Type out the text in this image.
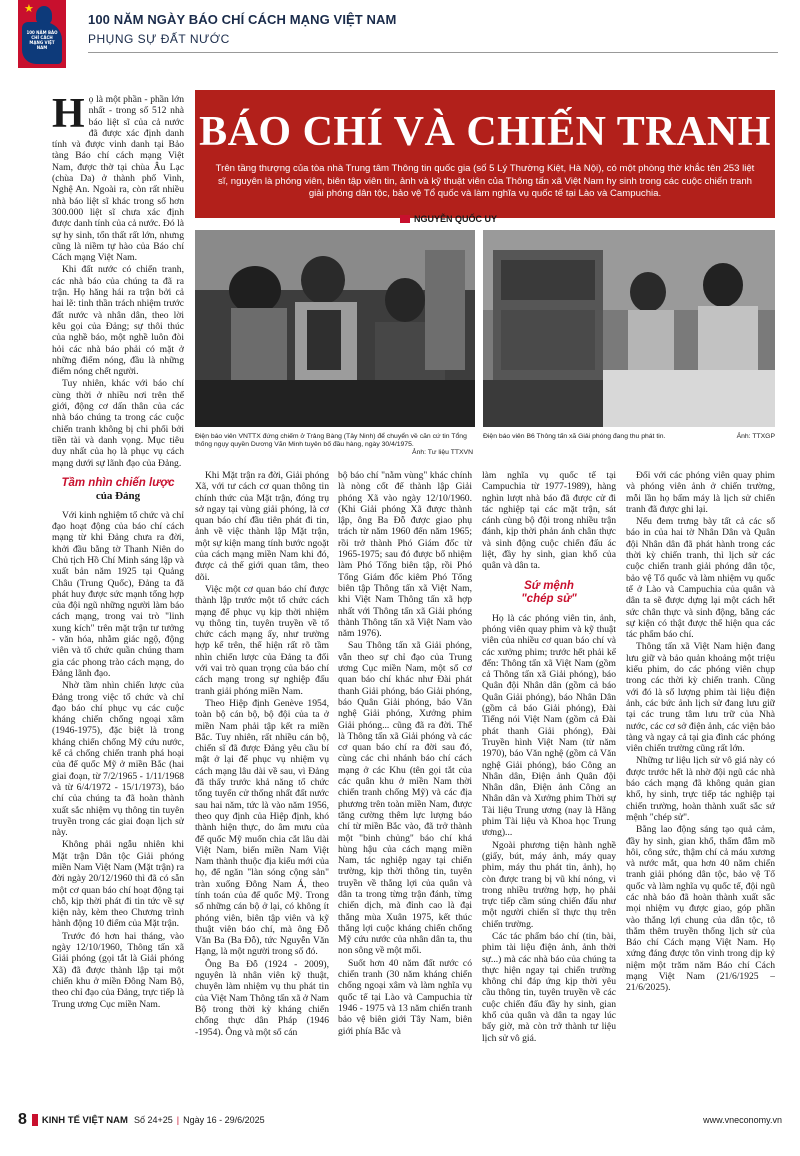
★
100 NĂM BÁO CHÍ CÁCH MẠNG VIỆT NAM
100 NĂM NGÀY BÁO CHÍ CÁCH MẠNG VIỆT NAM
PHỤNG SỰ ĐẤT NƯỚC
H ọ là một phần - phần lớn nhất - trong số 512 nhà báo liệt sĩ của cả nước đã được xác định danh tính và được vinh danh tại Bảo tàng Báo chí cách mạng Việt Nam, được thờ tại chùa Âu Lạc (chùa Da) ở thành phố Vinh, Nghệ An. Ngoài ra, còn rất nhiều nhà báo liệt sĩ khác trong số hơn 300.000 liệt sĩ chưa xác định được danh tính của cả nước. Đó là sự hy sinh, tổn thất rất lớn, nhưng cũng là niềm tự hào của Báo chí Cách mạng Việt Nam.

Khi đất nước có chiến tranh, các nhà báo của chúng ta đã ra trận. Họ hăng hái ra trận bởi cả hai lẽ: tinh thần trách nhiệm trước đất nước và nhân dân, theo lời kêu gọi của Đảng; sự thôi thúc của nghề báo, một nghề luôn đòi hỏi các nhà báo phải có mặt ở những điểm nóng, đầu là những điểm nóng chết người.

Tuy nhiên, khác với báo chí cùng thời ở nhiều nơi trên thế giới, động cơ dấn thân của các nhà báo chúng ta trong các cuộc chiến tranh không bị chi phối bởi tiền tài và danh vọng. Mục tiêu duy nhất của họ là phục vụ cách mạng dưới sự lãnh đạo của Đảng.

Tầm nhìn chiến lược
của Đảng

Với kinh nghiệm tổ chức và chỉ đạo hoạt động của báo chí cách mạng từ khi Đảng chưa ra đời, khởi đầu bằng tờ Thanh Niên do Chủ tịch Hồ Chí Minh sáng lập và xuất bản năm 1925 tại Quảng Châu (Trung Quốc), Đảng ta đã phát huy được sức mạnh tổng hợp của đội ngũ những người làm báo cách mạng, trong vai trò "linh xung kích" trên mặt trận tư tưởng - văn hóa, nhằm giác ngộ, động viên và tổ chức quần chúng tham gia các phong trào cách mạng, do Đảng lãnh đạo.

Nhờ tầm nhìn chiến lược của Đảng trong việc tổ chức và chỉ đạo báo chí phục vụ các cuộc kháng chiến chống ngoại xâm (1946-1975), đặc biệt là trong kháng chiến chống Mỹ cứu nước, kể cả chống chiến tranh phá hoại của đế quốc Mỹ ở miền Bắc (hai giai đoạn, từ 7/2/1965 - 1/11/1968 và từ 6/4/1972 - 15/1/1973), báo chí của chúng ta đã hoàn thành xuất sắc nhiệm vụ thông tin tuyên truyền trong các giai đoạn lịch sử này.

Không phải ngẫu nhiên khi Mặt trận Dân tộc Giải phóng miền Nam Việt Nam (Mặt trận) ra đời ngày 20/12/1960 thì đã có sẵn một cơ quan báo chí hoạt động tại chỗ, kịp thời phát đi tin tức về sự kiện này, kèm theo Chương trình hành động 10 điểm của Mặt trận.

Trước đó hơn hai tháng, vào ngày 12/10/1960, Thông tấn xã Giải phóng (gọi tắt là Giải phóng Xã) đã được thành lập tại một chiến khu ở miền Đông Nam Bộ, theo chỉ đạo của Đảng, trực tiếp là Trung ương Cục miền Nam.

BÁO CHÍ VÀ CHIẾN TRANH
Trên tầng thượng của tòa nhà Trung tâm Thông tin quốc gia (số 5 Lý Thường Kiệt, Hà Nội), có một phòng thờ khắc tên 253 liệt sĩ, nguyên là phóng viên, biên tập viên tin, ảnh và kỹ thuật viên của Thông tấn xã Việt Nam hy sinh trong các cuộc chiến tranh giải phóng dân tộc, bảo vệ Tổ quốc và làm nghĩa vụ quốc tế tại Lào và Campuchia.
NGUYỄN QUỐC UY
Điện báo viên VNTTX đứng chiếm ở Trảng Bàng (Tây Ninh) để chuyển về căn cứ tin Tổng thống ngụy quyền Dương Văn Minh tuyên bố đầu hàng, ngày 30/4/1975.
Ảnh: Tư liệu TTXVN
Điện báo viên B6 Thông tấn xã Giải phóng đang thu phát tin.	Ảnh: TTXGP

Khi Mặt trận ra đời, Giải phóng Xã, với tư cách cơ quan thông tin chính thức của Mặt trận, đóng trụ sở ngay tại vùng giải phóng, là cơ quan báo chí đầu tiên phát đi tin, ảnh về việc thành lập Mặt trận, một sự kiện mang tính bước ngoặt của cách mạng miền Nam khi đó, được cả thế giới quan tâm, theo dõi.

Việc một cơ quan báo chí được thành lập trước một tổ chức cách mạng để phục vụ kịp thời nhiệm vụ thông tin, tuyên truyền về tổ chức cách mạng ấy, như trường hợp kể trên, thể hiện rất rõ tầm nhìn chiến lược của Đảng ta đối với vai trò quan trọng của báo chí cách mạng trong sự nghiệp đấu tranh giải phóng miền Nam.

Theo Hiệp định Genève 1954, toàn bộ cán bộ, bộ đội của ta ở miền Nam phải tập kết ra miền Bắc. Tuy nhiên, rất nhiều cán bộ, chiến sĩ đã được Đảng yêu cầu bí mật ở lại để phục vụ nhiệm vụ cách mạng lâu dài về sau, vì Đảng đã thấy trước khả năng tổ chức tổng tuyển cử thống nhất đất nước sau hai năm, tức là vào năm 1956, theo quy định của Hiệp định, khó thành hiện thực, do âm mưu của đế quốc Mỹ muốn chia cắt lâu dài Việt Nam, biến miền Nam Việt Nam thành thuộc địa kiểu mới của họ, để ngăn "làn sóng cộng sản" tràn xuống Đông Nam Á, theo tính toán của đế quốc Mỹ. Trong số những cán bộ ở lại, có không ít phóng viên, biên tập viên và kỹ thuật viên báo chí, mà ông Đỗ Văn Ba (Ba Đỗ), tức Nguyễn Văn Hạng, là một người trong số đó.

Ông Ba Đỗ (1924 - 2009), nguyên là nhân viên kỹ thuật, chuyên làm nhiệm vụ thu phát tin của Việt Nam Thông tấn xã ở Nam Bộ trong thời kỳ kháng chiến chống thực dân Pháp (1946 -1954). Ông và một số cán

bộ báo chí "nằm vùng" khác chính là nòng cốt để thành lập Giải phóng Xã vào ngày 12/10/1960. (Khi Giải phóng Xã được thành lập, ông Ba Đỗ được giao phụ trách từ năm 1960 đến năm 1965; rồi trở thành Phó Giám đốc từ 1965-1975; sau đó được bổ nhiệm làm Phó Tổng biên tập, rồi Phó Tổng Giám đốc kiêm Phó Tổng biên tập Thông tấn xã Việt Nam, khi Việt Nam Thông tấn xã hợp nhất với Thông tấn xã Giải phóng thành Thông tấn xã Việt Nam vào năm 1976).

Sau Thông tấn xã Giải phóng, vẫn theo sự chỉ đạo của Trung ương Cục miền Nam, một số cơ quan báo chí khác như Đài phát thanh Giải phóng, báo Giải phóng, báo Quân Giải phóng, báo Văn nghệ Giải phóng, Xưởng phim Giải phóng... cũng đã ra đời. Thế là Thông tấn xã Giải phóng và các cơ quan báo chí ra đời sau đó, cùng các chi nhánh báo chí cách mạng ở các Khu (tên gọi tắt của các quân khu ở miền Nam thời chiến tranh chống Mỹ) và các địa phương trên toàn miền Nam, được tăng cường thêm lực lượng báo chí từ miền Bắc vào, đã trở thành một "binh chủng" báo chí khá hùng hậu của cách mạng miền Nam, tác nghiệp ngay tại chiến trường, kịp thời thông tin, tuyên truyền về thắng lợi của quân và dân ta trong từng trận đánh, từng chiến dịch, mà đỉnh cao là đại thắng mùa Xuân 1975, kết thúc thắng lợi cuộc kháng chiến chống Mỹ cứu nước của nhân dân ta, thu non sông về một mối.

Suốt hơn 40 năm đất nước có chiến tranh (30 năm kháng chiến chống ngoại xâm và làm nghĩa vụ quốc tế tại Lào và Campuchia từ 1946 - 1975 và 13 năm chiến tranh bảo vệ biên giới Tây Nam, biên giới phía Bắc và

làm nghĩa vụ quốc tế tại Campuchia từ 1977-1989), hàng nghìn lượt nhà báo đã được cử đi tác nghiệp tại các mặt trận, sát cánh cùng bộ đội trong nhiều trận đánh, kịp thời phản ánh chân thực và sinh động cuộc chiến đấu ác liệt, đầy hy sinh, gian khổ của quân và dân ta.

Sứ mệnh
"chép sử"

Họ là các phóng viên tin, ảnh, phóng viên quay phim và kỹ thuật viên của nhiều cơ quan báo chí và các xưởng phim; trước hết phải kể đến: Thông tấn xã Việt Nam (gồm cả Thông tấn xã Giải phóng), báo Quân đội Nhân dân (gồm cả báo Quân Giải phóng), báo Nhân Dân (gồm cả báo Giải phóng), Đài Tiếng nói Việt Nam (gồm cả Đài phát thanh Giải phóng), Đài Truyền hình Việt Nam (từ năm 1970), báo Văn nghệ (gồm cả Văn nghệ Giải phóng), báo Công an Nhân dân, Điện ảnh Quân đội Nhân dân, Điện ảnh Công an Nhân dân và Xưởng phim Thời sự Tài liệu Trung ương (nay là Hãng phim Tài liệu và Khoa học Trung ương)...

Ngoài phương tiện hành nghề (giấy, bút, máy ảnh, máy quay phim, máy thu phát tin, ảnh), họ còn được trang bị vũ khí nóng, vì trong nhiều trường hợp, họ phải trực tiếp cầm súng chiến đấu như một người chiến sĩ thực thụ trên chiến trường.

Các tác phẩm báo chí (tin, bài, phim tài liệu điện ảnh, ảnh thời sự...) mà các nhà báo của chúng ta thực hiện ngay tại chiến trường không chỉ đáp ứng kịp thời yêu cầu thông tin, tuyên truyền về các cuộc chiến đấu đầy hy sinh, gian khổ của quân và dân ta ngay lúc bấy giờ, mà còn trở thành tư liệu lịch sử vô giá.

Đối với các phóng viên quay phim và phóng viên ảnh ở chiến trường, mỗi lần họ bấm máy là lịch sử chiến tranh đã được ghi lại.

Nếu đem trưng bày tất cả các số báo in của hai tờ Nhân Dân và Quân đội Nhân dân đã phát hành trong các thời kỳ chiến tranh, thì lịch sử các cuộc chiến tranh giải phóng dân tộc, bảo vệ Tổ quốc và làm nhiệm vụ quốc tế ở Lào và Campuchia của quân và dân ta sẽ được dựng lại một cách hết sức chân thực và sinh động, bằng các sự kiện có thật được thể hiện qua các tác phẩm báo chí.

Thông tấn xã Việt Nam hiện đang lưu giữ và bảo quản khoảng một triệu kiểu phim, do các phóng viên chụp trong các thời kỳ chiến tranh. Cũng với đó là số lượng phim tài liệu điện ảnh, các bức ảnh lịch sử đang lưu giữ tại các trung tâm lưu trữ của Nhà nước, các cơ sở điện ảnh, các viện bảo tàng và ngay cả tại gia đình các phóng viên chiến trường cũng rất lớn.

Những tư liệu lịch sử vô giá này có được trước hết là nhờ đội ngũ các nhà báo cách mạng đã không quản gian khổ, hy sinh, trực tiếp tác nghiệp tại chiến trường, hoàn thành xuất sắc sứ mệnh "chép sử".

Bằng lao động sáng tạo quả cảm, đầy hy sinh, gian khổ, thấm đẫm mồ hôi, công sức, thậm chí cả máu xương và nước mắt, qua hơn 40 năm chiến tranh giải phóng dân tộc, bảo vệ Tổ quốc và làm nghĩa vụ quốc tế, đội ngũ các nhà báo đã hoàn thành xuất sắc mọi nhiệm vụ được giao, góp phần vào thắng lợi chung của dân tộc, tô thắm thêm truyền thống lịch sử của Báo chí Cách mạng Việt Nam. Họ xứng đáng được tôn vinh trong dịp kỷ niệm một trăm năm Báo chí Cách mạng Việt Nam (21/6/1925 – 21/6/2025).

8 KINH TẾ VIỆT NAM Số 24+25 | Ngày 16 - 29/6/2025	www.vneconomy.vn
